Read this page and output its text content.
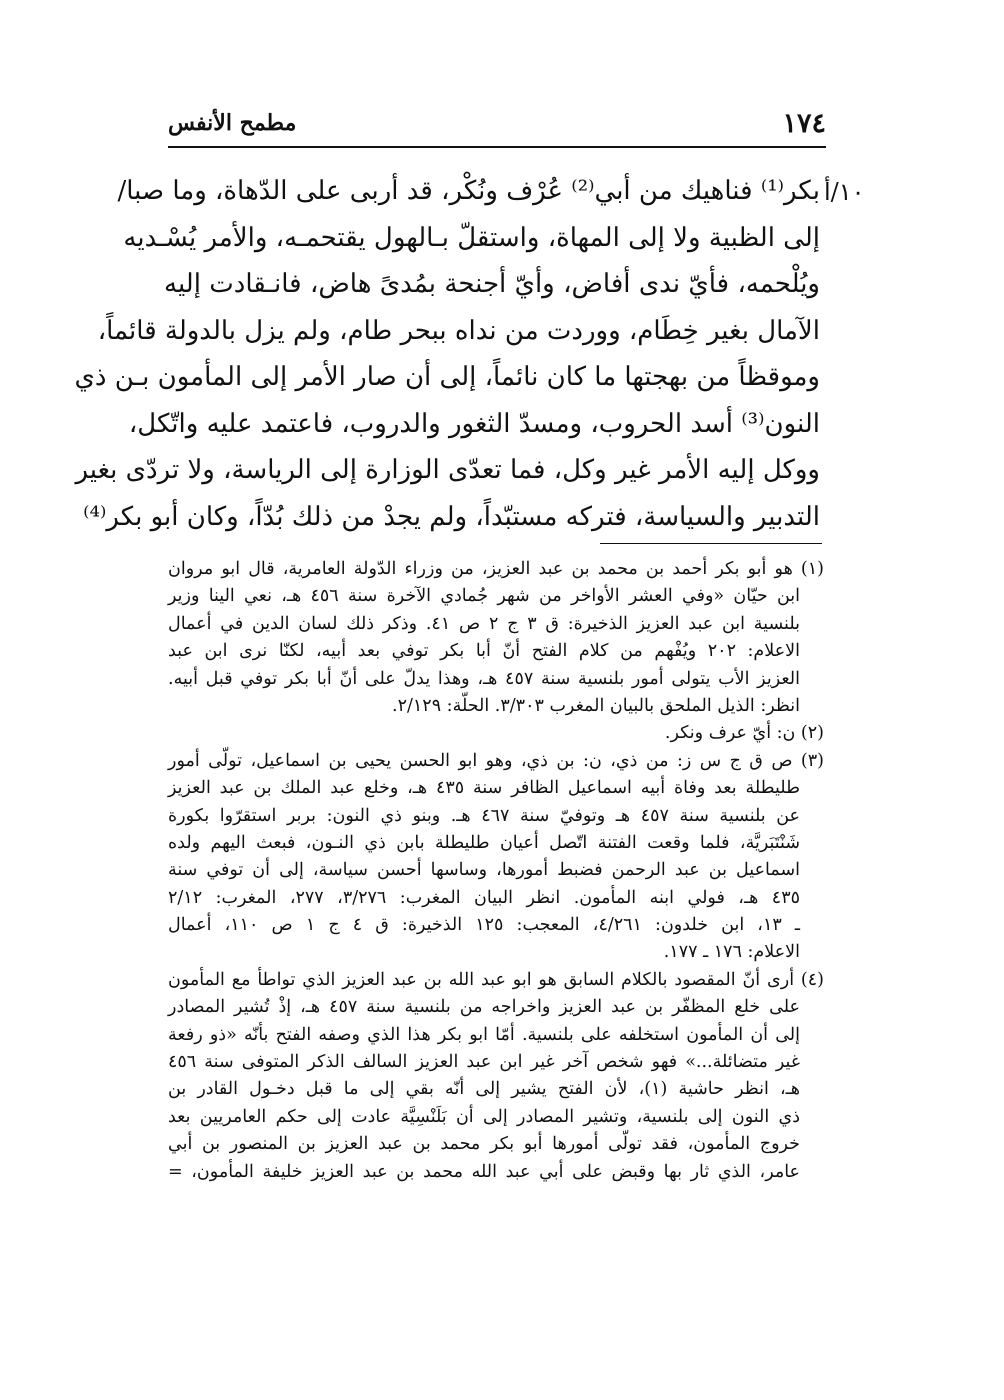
١٧٤
مطمح الأنفس
١٠/أ
بكر⁽¹⁾ فناهيك من أبي⁽²⁾ عُرْف ونُكْر، قد أربى على الدّهاة، وما صبا/
إلى الظبية ولا إلى المهاة، واستقلّ بـالهول يقتحمـه، والأمر يُسْـديه
ويُلْحمه، فأيّ ندى أفاض، وأيّ أجنحة بمُدىً هاض، فانـقادت إليه
الآمال بغير خِطَام، ووردت من نداه ببحر طام، ولم يزل بالدولة قائماً،
وموقظاً من بهجتها ما كان نائماً، إلى أن صار الأمر إلى المأمون بـن ذي
النون⁽³⁾ أسد الحروب، ومسدّ الثغور والدروب، فاعتمد عليه واتّكل،
ووكل إليه الأمر غير وكل، فما تعدّى الوزارة إلى الرياسة، ولا تردّى بغير
التدبير والسياسة، فتركه مستبّداً، ولم يجدْ من ذلك بُدّاً، وكان أبو بكر⁽⁴⁾
(١) هو أبو بكر أحمد بن محمد بن عبد العزيز، من وزراء الدّولة العامرية، قال ابو مروان
ابن حيّان «وفي العشر الأواخر من شهر جُمادي الآخرة سنة ٤٥٦ هـ، نعي الينا وزير
بلنسية ابن عبد العزيز الذخيرة: ق ٣ ج ٢ ص ٤١. وذكر ذلك لسان الدين في أعمال
الاعلام: ٢٠٢ ويُفْهم من كلام الفتح أنّ أبا بكر توفي بعد أبيه، لكنّا نرى ابن عبد
العزيز الأب يتولى أمور بلنسية سنة ٤٥٧ هـ، وهذا يدلّ على أنّ أبا بكر توفي قبل أبيه.
انظر: الذيل الملحق بالبيان المغرب ٣/٣٠٣. الحلّة: ٢/١٢٩.
(٢) ن: أيّ عرف ونكر.
(٣) ص ق ج س ز: من ذي، ن: بن ذي، وهو ابو الحسن يحيى بن اسماعيل، تولّى أمور
طليطلة بعد وفاة أبيه اسماعيل الظافر سنة ٤٣٥ هـ، وخلع عبد الملك بن عبد العزيز
عن بلنسية سنة ٤٥٧ هـ وتوفيّ سنة ٤٦٧ هـ. وبنو ذي النون: بربر استقرّوا بكورة
شَنْتَبَريَّة، فلما وقعت الفتنة اتّصل أعيان طليطلة بابن ذي النـون، فبعث اليهم ولده
اسماعيل بن عبد الرحمن فضبط أمورها، وساسها أحسن سياسة، إلى أن توفي سنة
٤٣٥ هـ، فولي ابنه المأمون. انظر البيان المغرب: ٣/٢٧٦، ٢٧٧، المغرب: ٢/١٢
ـ ١٣، ابن خلدون: ٤/٢٦١، المعجب: ١٢٥ الذخيرة: ق ٤ ج ١ ص ١١٠، أعمال
الاعلام: ١٧٦ ـ ١٧٧.
(٤) أرى أنّ المقصود بالكلام السابق هو ابو عبد الله بن عبد العزيز الذي تواطأ مع المأمون
على خلع المظفّر بن عبد العزيز واخراجه من بلنسية سنة ٤٥٧ هـ، إذْ تُشير المصادر
إلى أن المأمون استخلفه على بلنسية. أمّا ابو بكر هذا الذي وصفه الفتح بأنّه «ذو رفعة
غير متضائلة...» فهو شخص آخر غير ابن عبد العزيز السالف الذكر المتوفى سنة ٤٥٦
هـ، انظر حاشية (١)، لأن الفتح يشير إلى أنّه بقي إلى ما قبل دخـول القادر بن
ذي النون إلى بلنسية، وتشير المصادر إلى أن بَلَنْسِيَّة عادت إلى حكم العامريين بعد
خروج المأمون، فقد تولّى أمورها أبو بكر محمد بن عبد العزيز بن المنصور بن أبي
عامر، الذي ثار بها وقبض على أبي عبد الله محمد بن عبد العزيز خليفة المأمون، =
